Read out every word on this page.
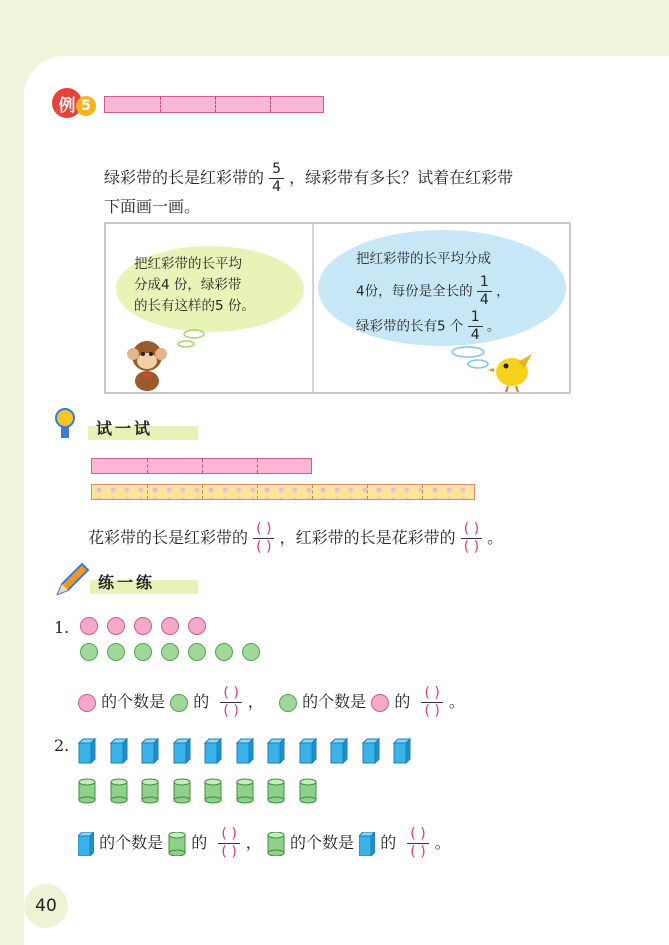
例 5
绿彩带的长是红彩带的 $\frac{5}{4}$ ，绿彩带有多长？试着在红彩带
下面画一画。
把红彩带的长平均
分成4 份，绿彩带
的长有这样的5 份。
把红彩带的长平均分成
4份，每份是全长的 $\frac{1}{4}$ ，
绿彩带的长有5 个 $\frac{1}{4}$ 。
试一试
花彩带的长是红彩带的 $\frac{( )}{( )}$ ，红彩带的长是花彩带的 $\frac{( )}{( )}$ 。
练一练
1.
的个数是 的 $\frac{( )}{( )}$ ， 的个数是 的 $\frac{( )}{( )}$ 。
2.
的个数是 的 $\frac{( )}{( )}$ ， 的个数是 的 $\frac{( )}{( )}$ 。
40
